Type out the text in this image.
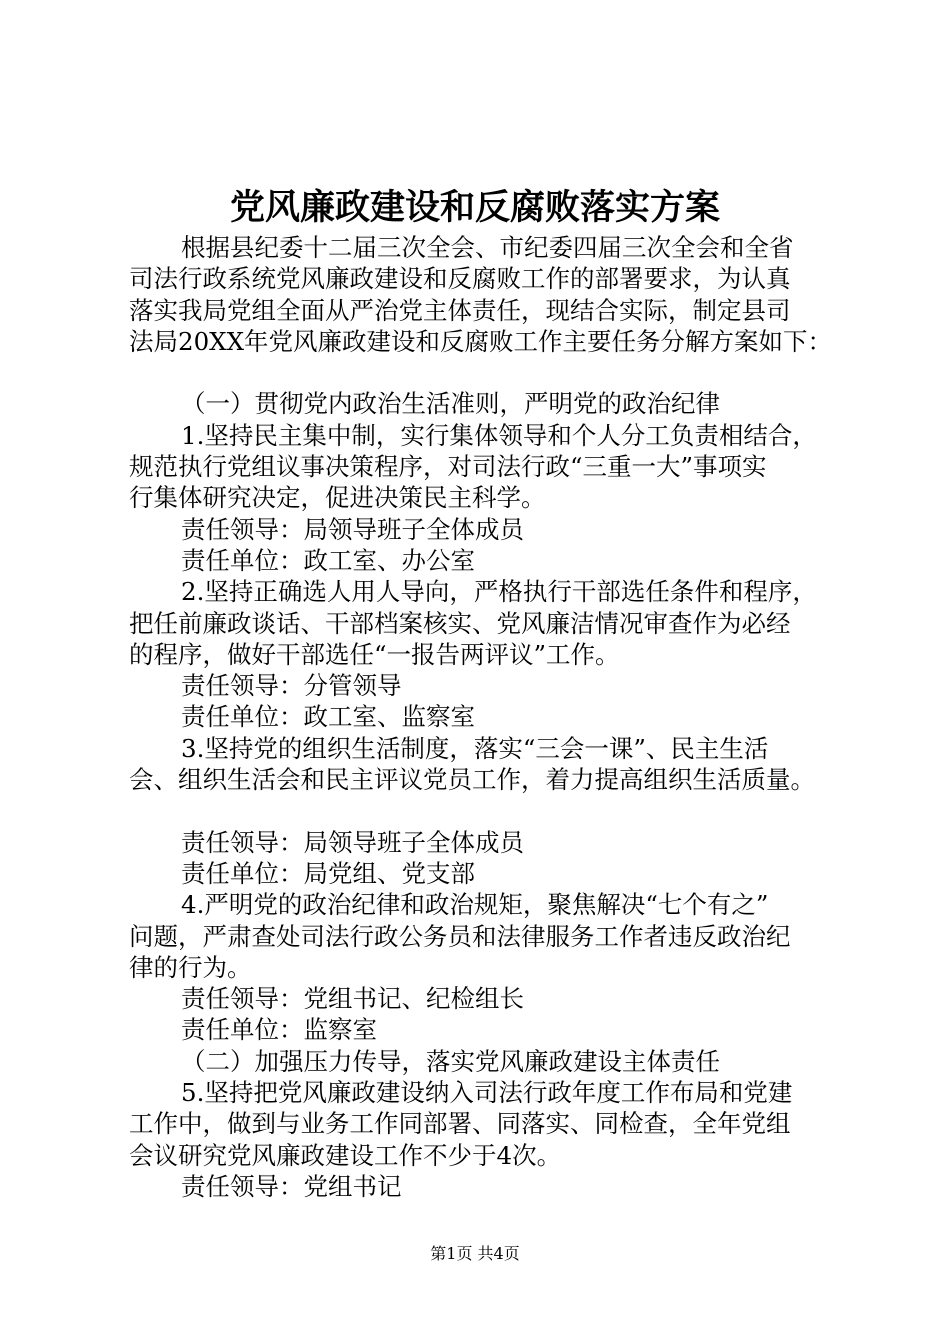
党风廉政建设和反腐败落实方案

根据县纪委十二届三次全会、市纪委四届三次全会和全省

司法行政系统党风廉政建设和反腐败工作的部署要求，为认真

落实我局党组全面从严治党主体责任，现结合实际，制定县司

法局20XX年党风廉政建设和反腐败工作主要任务分解方案如下：

（一）贯彻党内政治生活准则，严明党的政治纪律

1.坚持民主集中制，实行集体领导和个人分工负责相结合，

规范执行党组议事决策程序，对司法行政“三重一大”事项实

行集体研究决定，促进决策民主科学。

责任领导：局领导班子全体成员

责任单位：政工室、办公室

2.坚持正确选人用人导向，严格执行干部选任条件和程序，

把任前廉政谈话、干部档案核实、党风廉洁情况审查作为必经

的程序，做好干部选任“一报告两评议”工作。

责任领导：分管领导

责任单位：政工室、监察室

3.坚持党的组织生活制度，落实“三会一课”、民主生活

会、组织生活会和民主评议党员工作，着力提高组织生活质量。

责任领导：局领导班子全体成员

责任单位：局党组、党支部

4.严明党的政治纪律和政治规矩，聚焦解决“七个有之”

问题，严肃查处司法行政公务员和法律服务工作者违反政治纪

律的行为。

责任领导：党组书记、纪检组长

责任单位：监察室

（二）加强压力传导，落实党风廉政建设主体责任

5.坚持把党风廉政建设纳入司法行政年度工作布局和党建

工作中，做到与业务工作同部署、同落实、同检查，全年党组

会议研究党风廉政建设工作不少于4次。

责任领导：党组书记

第1页 共4页
